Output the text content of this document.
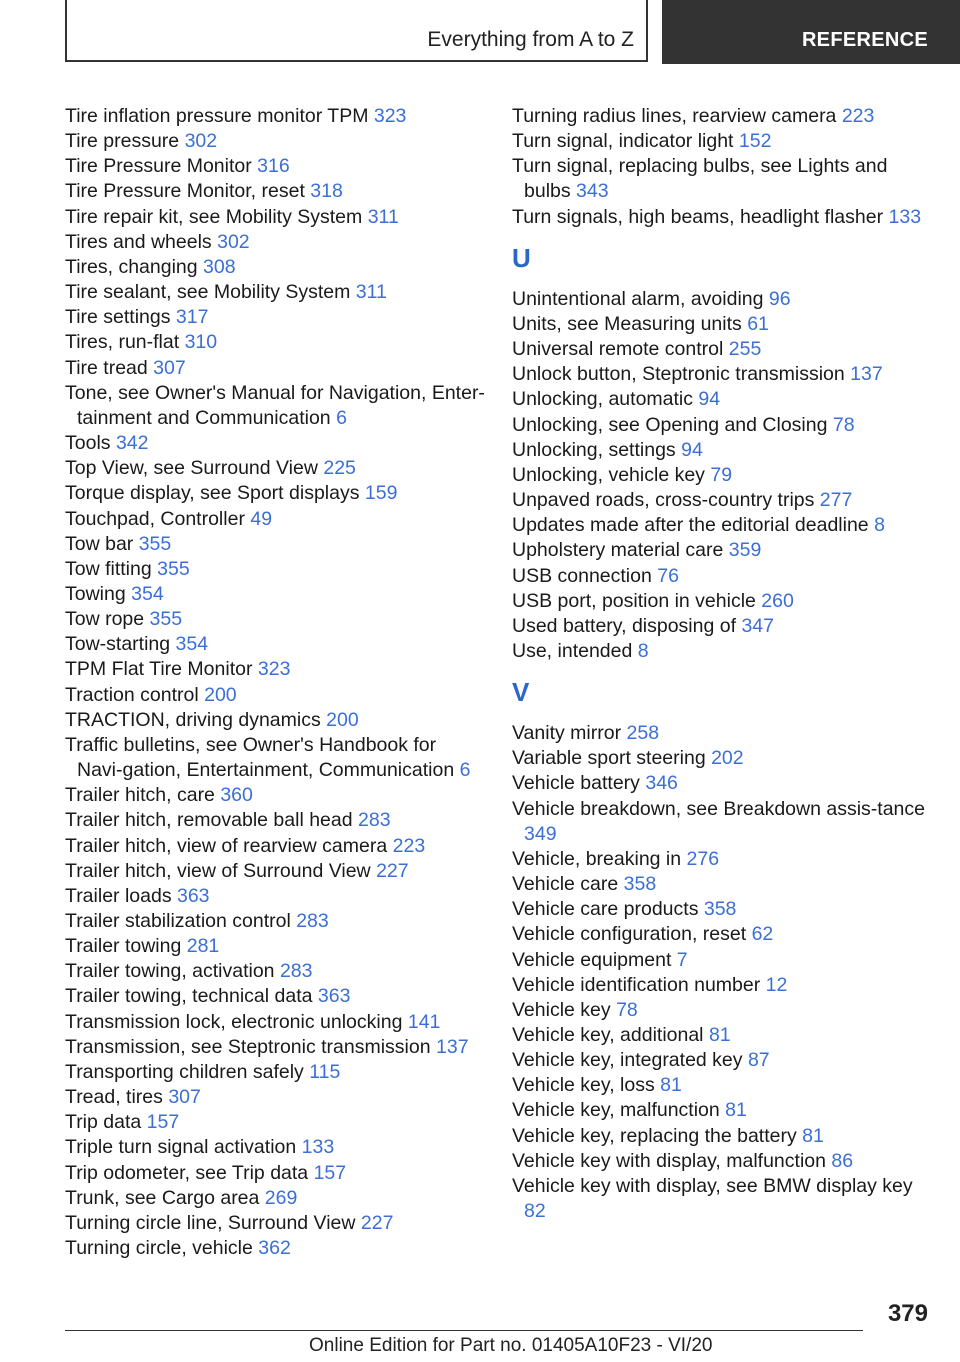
Everything from A to Z	REFERENCE
Tire inflation pressure monitor TPM 323
Tire pressure 302
Tire Pressure Monitor 316
Tire Pressure Monitor, reset 318
Tire repair kit, see Mobility System 311
Tires and wheels 302
Tires, changing 308
Tire sealant, see Mobility System 311
Tire settings 317
Tires, run-flat 310
Tire tread 307
Tone, see Owner's Manual for Navigation, Enter‐tainment and Communication 6
Tools 342
Top View, see Surround View 225
Torque display, see Sport displays 159
Touchpad, Controller 49
Tow bar 355
Tow fitting 355
Towing 354
Tow rope 355
Tow-starting 354
TPM Flat Tire Monitor 323
Traction control 200
TRACTION, driving dynamics 200
Traffic bulletins, see Owner's Handbook for Navi‐gation, Entertainment, Communication 6
Trailer hitch, care 360
Trailer hitch, removable ball head 283
Trailer hitch, view of rearview camera 223
Trailer hitch, view of Surround View 227
Trailer loads 363
Trailer stabilization control 283
Trailer towing 281
Trailer towing, activation 283
Trailer towing, technical data 363
Transmission lock, electronic unlocking 141
Transmission, see Steptronic transmission 137
Transporting children safely 115
Tread, tires 307
Trip data 157
Triple turn signal activation 133
Trip odometer, see Trip data 157
Trunk, see Cargo area 269
Turning circle line, Surround View 227
Turning circle, vehicle 362
Turning radius lines, rearview camera 223
Turn signal, indicator light 152
Turn signal, replacing bulbs, see Lights and bulbs 343
Turn signals, high beams, headlight flasher 133
U
Unintentional alarm, avoiding 96
Units, see Measuring units 61
Universal remote control 255
Unlock button, Steptronic transmission 137
Unlocking, automatic 94
Unlocking, see Opening and Closing 78
Unlocking, settings 94
Unlocking, vehicle key 79
Unpaved roads, cross-country trips 277
Updates made after the editorial deadline 8
Upholstery material care 359
USB connection 76
USB port, position in vehicle 260
Used battery, disposing of 347
Use, intended 8
V
Vanity mirror 258
Variable sport steering 202
Vehicle battery 346
Vehicle breakdown, see Breakdown assis‐tance 349
Vehicle, breaking in 276
Vehicle care 358
Vehicle care products 358
Vehicle configuration, reset 62
Vehicle equipment 7
Vehicle identification number 12
Vehicle key 78
Vehicle key, additional 81
Vehicle key, integrated key 87
Vehicle key, loss 81
Vehicle key, malfunction 81
Vehicle key, replacing the battery 81
Vehicle key with display, malfunction 86
Vehicle key with display, see BMW display key 82
379
Online Edition for Part no. 01405A10F23 - VI/20
